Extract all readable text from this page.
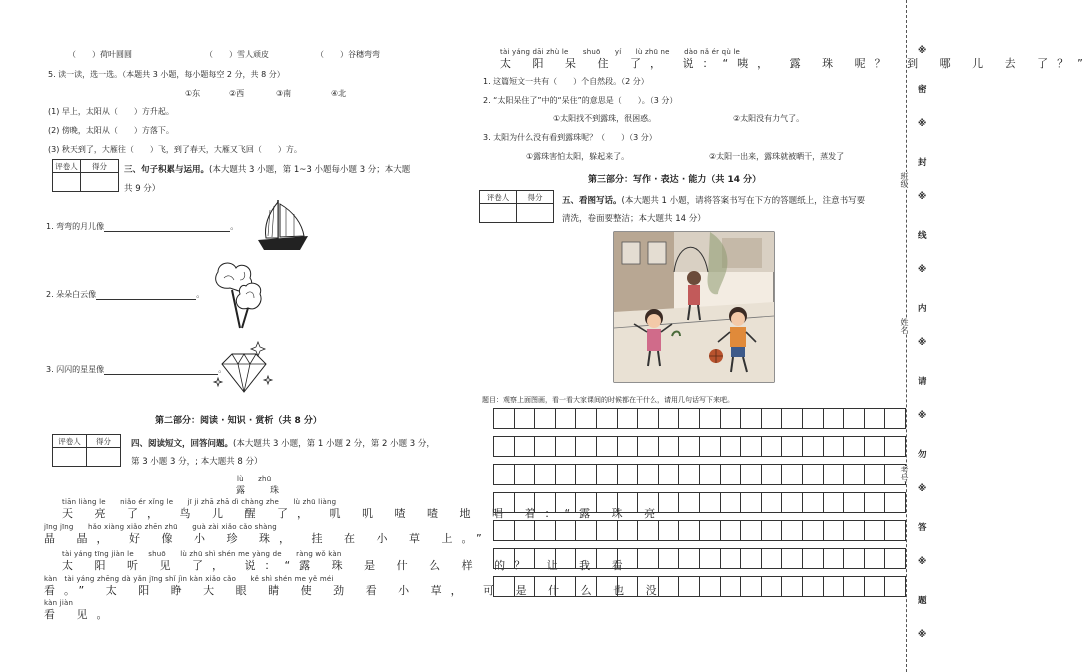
（　　）荷叶圆圆	（　　）雪人顽皮	（　　）谷穗弯弯
5. 读一读，选一选。（本题共 3 小题，每小题每空 2 分，共 8 分）
①东	②西	③南	④北
(1) 早上，太阳从（　　）方升起。
(2) 傍晚，太阳从（　　）方落下。
(3) 秋天到了，大雁往（　　）飞，到了春天，大雁又飞回（　　）方。
评卷人	得分
	三、句子积累与运用。(本大题共 3 小题，第 1~3 小题每小题 3 分；本大题
共 9 分）
1. 弯弯的月儿像	。
2. 朵朵白云像	。
3. 闪闪的星星像	。
第二部分：阅读 · 知识 · 赏析（共 8 分）
评卷人	得分
	四、阅读短文，回答问题。(本大题共 3 小题，第 1 小题 2 分，第 2 小题 3 分，
第 3 小题 3 分，; 本大题共 8 分）
lù　　zhū
露　珠
tiān liàng le　　niǎo ér xǐng le　　jī ji zhā zhā dì chàng zhe　　lù zhū liàng
天 亮 了， 鸟 儿 醒 了， 叽 叽 喳 喳 地 唱 着：“露 珠 亮
jīng jīng　　hǎo xiàng xiǎo zhēn zhū　　guà zài xiǎo cǎo shàng
晶 晶， 好 像 小 珍 珠， 挂 在 小 草 上。”
tài yáng tīng jiàn le　　shuō　　lù zhū shì shén me yàng de　　ràng wǒ kàn
太 阳 听 见 了， 说：“露 珠 是 什 么 样 的？ 让 我 看
kàn　tài yáng zhēng dà yǎn jīng shǐ jìn kàn xiǎo cǎo　　kě shì shén me yě méi
看。” 太 阳 睁 大 眼 睛 使 劲 看 小 草， 可 是 什 么 也 没
kàn jiàn
看 见。
tài yáng dāi zhù le　　shuō　　yí　　lù zhū ne　　dào nǎ ér qù le
太 阳 呆 住 了， 说：“咦， 露 珠 呢？ 到 哪 儿 去 了？”
1. 这篇短文一共有（　　）个自然段。（2 分）
2. “太阳呆住了”中的“呆住”的意思是（　　）。（3 分）
①太阳找不到露珠，很困惑。	②太阳没有力气了。
3. 太阳为什么没有看到露珠呢？（　　）（3 分）
①露珠害怕太阳，躲起来了。	②太阳一出来，露珠就被晒干，蒸发了
第三部分：写作 · 表达 · 能力（共 14 分）
评卷人	得分
	五、看图写话。(本大题共 1 小题，请将答案书写在下方的答题纸上，注意书写要
清洗，卷面要整洁；本大题共 14 分）
题目：观察上面图画，看一看大家课间的时候都在干什么，请用几句话写下来吧。
※
密
※
封
※
线
※
内
※
请
※
勿
※
答
※
题
※
班级
姓名
考号
